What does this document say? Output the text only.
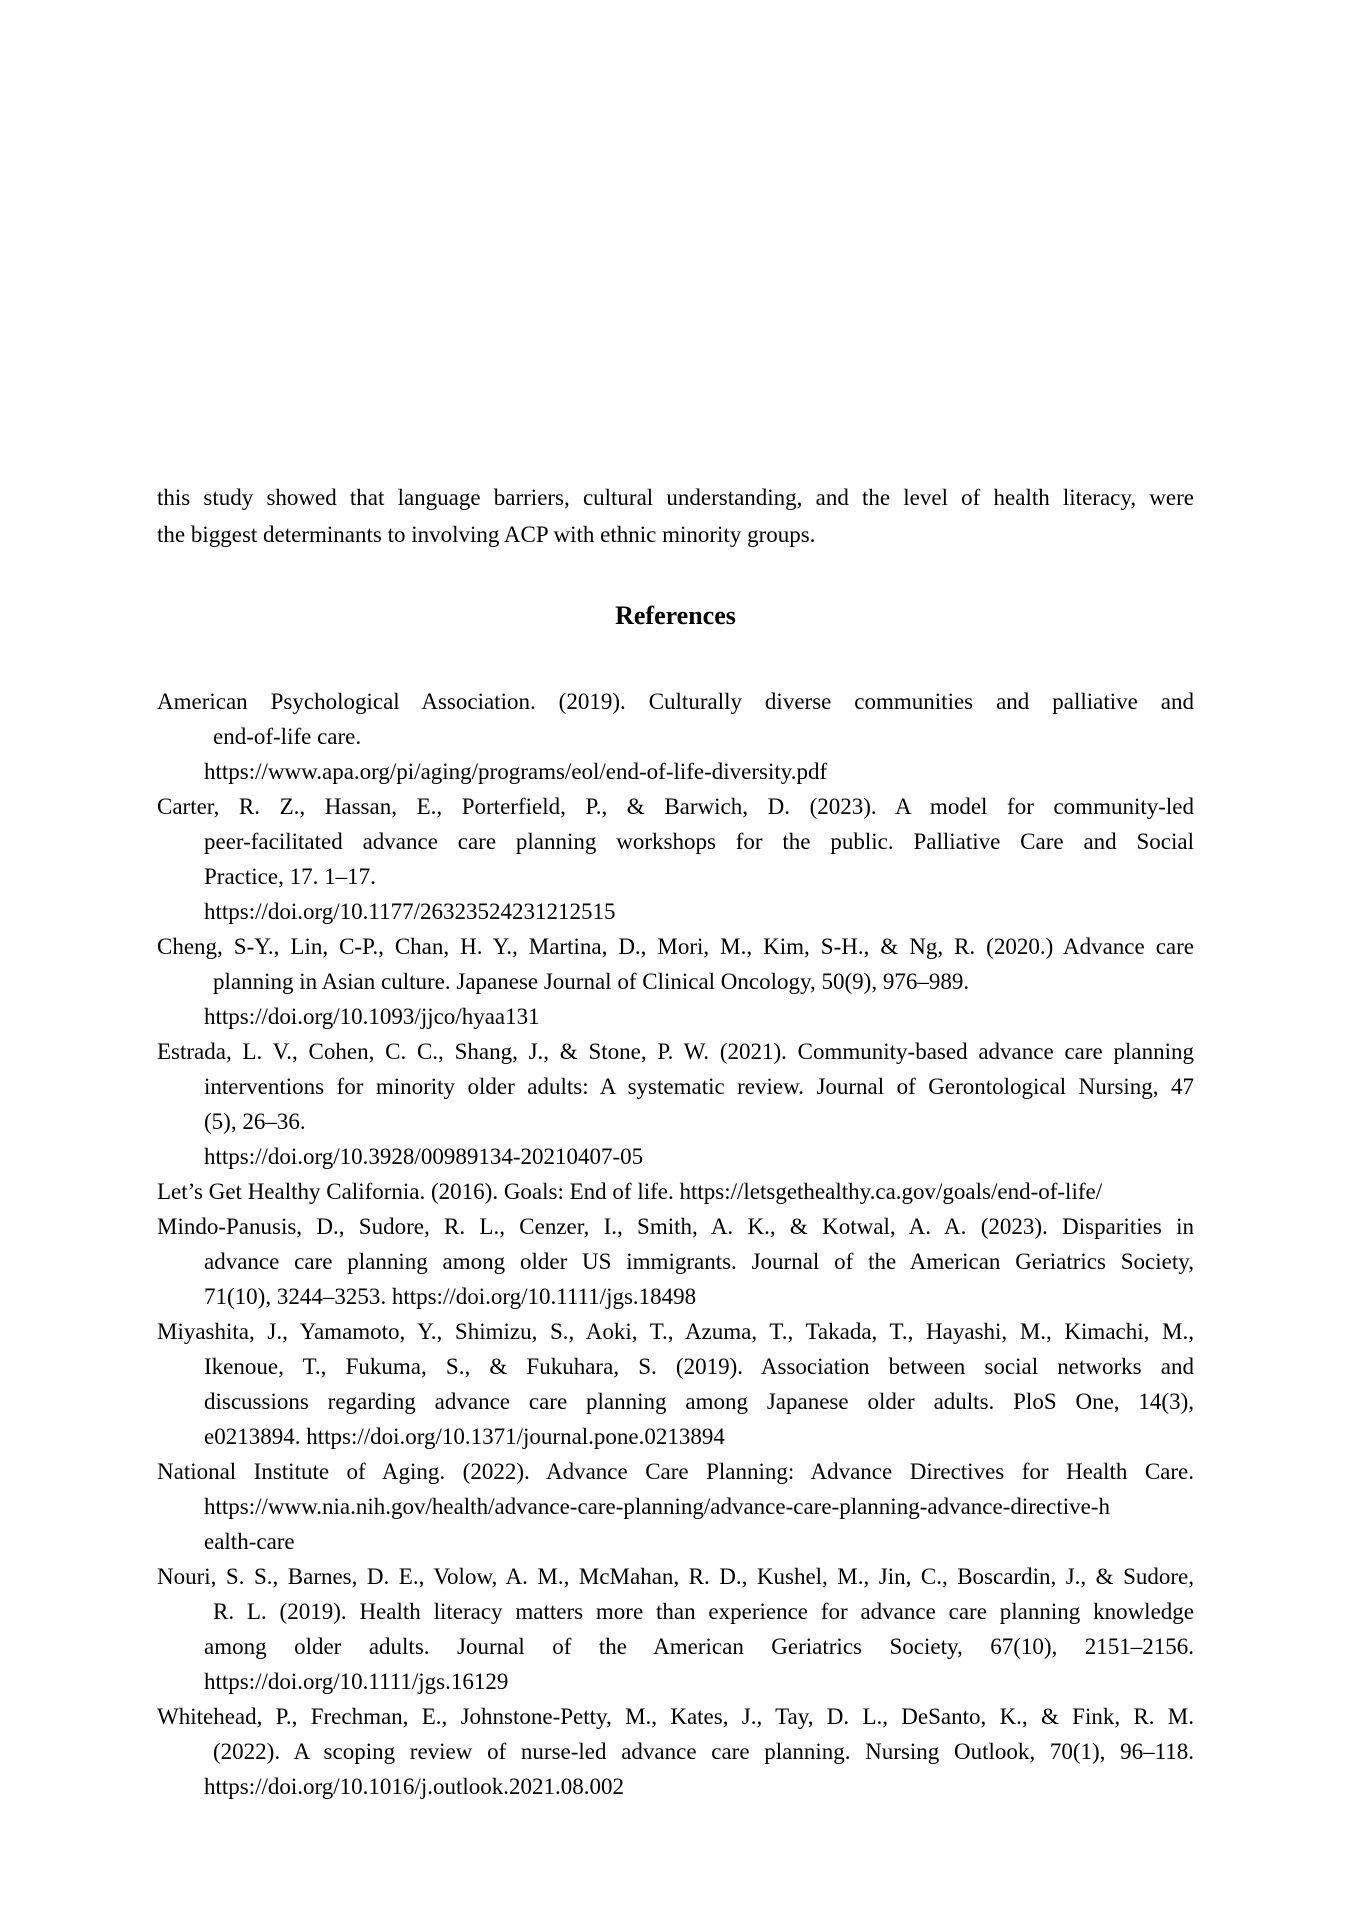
this study showed that language barriers, cultural understanding, and the level of health literacy, were
the biggest determinants to involving ACP with ethnic minority groups.
References
American Psychological Association. (2019). Culturally diverse communities and palliative and
end-of-life care.
https://www.apa.org/pi/aging/programs/eol/end-of-life-diversity.pdf
Carter, R. Z., Hassan, E., Porterfield, P., & Barwich, D. (2023). A model for community-led
peer-facilitated advance care planning workshops for the public. Palliative Care and Social
Practice, 17. 1–17.
https://doi.org/10.1177/26323524231212515
Cheng, S-Y., Lin, C-P., Chan, H. Y., Martina, D., Mori, M., Kim, S-H., & Ng, R. (2020.) Advance care
planning in Asian culture. Japanese Journal of Clinical Oncology, 50(9), 976–989.
https://doi.org/10.1093/jjco/hyaa131
Estrada, L. V., Cohen, C. C., Shang, J., & Stone, P. W. (2021). Community-based advance care planning
interventions for minority older adults: A systematic review. Journal of Gerontological Nursing, 47
(5), 26–36.
https://doi.org/10.3928/00989134-20210407-05
Let’s Get Healthy California. (2016). Goals: End of life. https://letsgethealthy.ca.gov/goals/end-of-life/
Mindo-Panusis, D., Sudore, R. L., Cenzer, I., Smith, A. K., & Kotwal, A. A. (2023). Disparities in
advance care planning among older US immigrants. Journal of the American Geriatrics Society,
71(10), 3244–3253. https://doi.org/10.1111/jgs.18498
Miyashita, J., Yamamoto, Y., Shimizu, S., Aoki, T., Azuma, T., Takada, T., Hayashi, M., Kimachi, M.,
Ikenoue, T., Fukuma, S., & Fukuhara, S. (2019). Association between social networks and
discussions regarding advance care planning among Japanese older adults. PloS One, 14(3),
e0213894. https://doi.org/10.1371/journal.pone.0213894
National Institute of Aging. (2022). Advance Care Planning: Advance Directives for Health Care.
https://www.nia.nih.gov/health/advance-care-planning/advance-care-planning-advance-directive-h
ealth-care
Nouri, S. S., Barnes, D. E., Volow, A. M., McMahan, R. D., Kushel, M., Jin, C., Boscardin, J., & Sudore,
R. L. (2019). Health literacy matters more than experience for advance care planning knowledge
among older adults. Journal of the American Geriatrics Society, 67(10), 2151–2156.
https://doi.org/10.1111/jgs.16129
Whitehead, P., Frechman, E., Johnstone-Petty, M., Kates, J., Tay, D. L., DeSanto, K., & Fink, R. M.
(2022). A scoping review of nurse-led advance care planning. Nursing Outlook, 70(1), 96–118.
https://doi.org/10.1016/j.outlook.2021.08.002
